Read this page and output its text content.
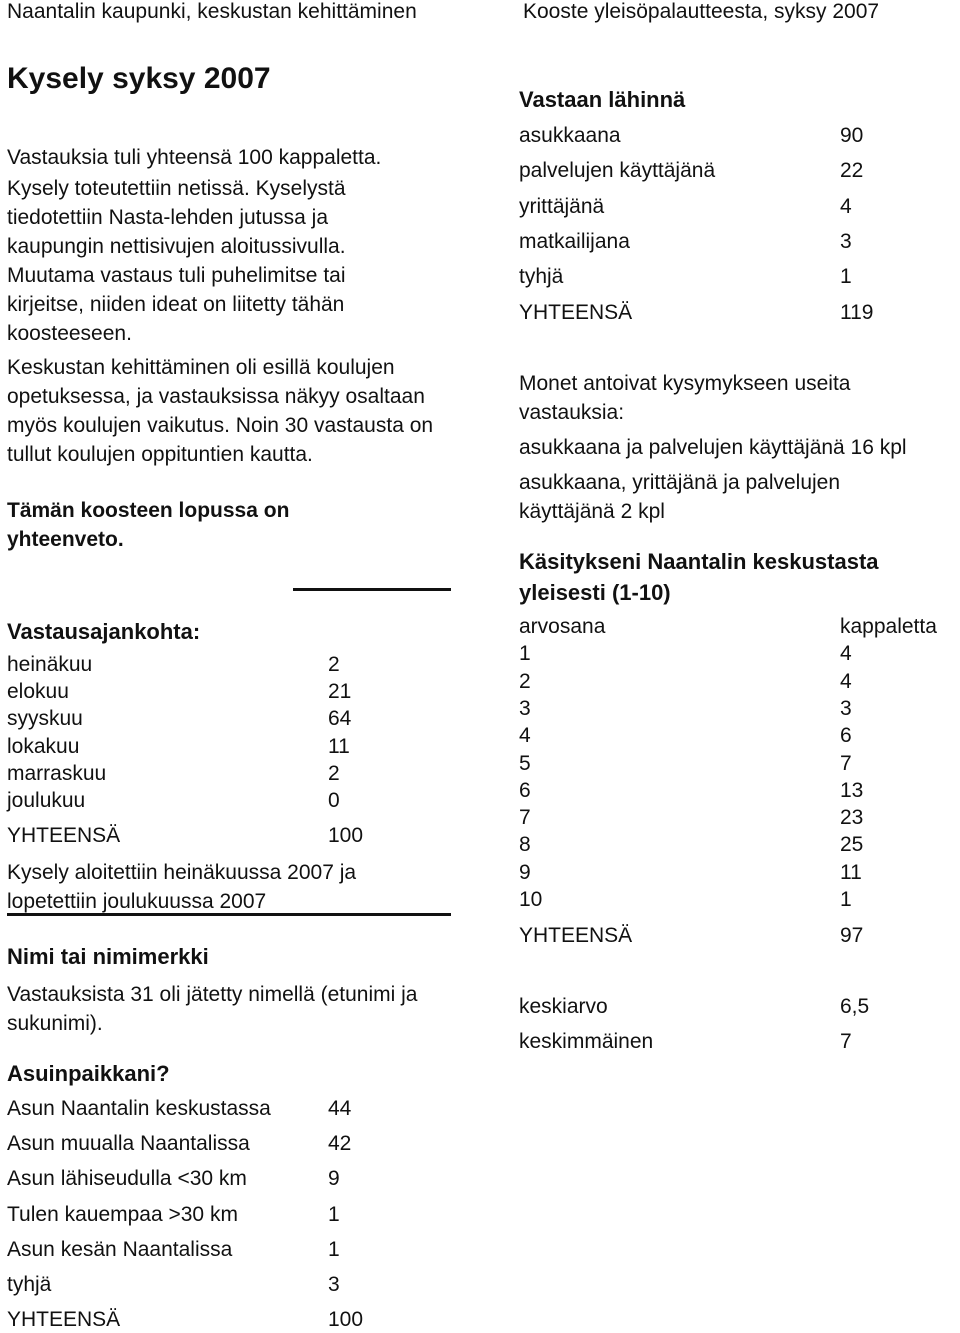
Naantalin kaupunki, keskustan kehittäminen	Kooste yleisöpalautteesta, syksy 2007
Kysely syksy 2007
Vastauksia tuli yhteensä 100 kappaletta.
Kysely toteutettiin netissä. Kyselystä tiedotettiin Nasta-lehden jutussa ja kaupungin nettisivujen aloitussivulla. Muutama vastaus tuli puhelimitse tai kirjeitse, niiden ideat on liitetty tähän koosteeseen.
Keskustan kehittäminen oli esillä koulujen opetuksessa, ja vastauksissa näkyy osaltaan myös koulujen vaikutus. Noin 30 vastausta on tullut koulujen oppituntien kautta.
Tämän koosteen lopussa on yhteenveto.
Vastausajankohta:
heinäkuu	2
elokuu	21
syyskuu	64
lokakuu	11
marraskuu	2
joulukuu	0
YHTEENSÄ	100
Kysely aloitettiin heinäkuussa 2007 ja lopetettiin joulukuussa 2007
Nimi tai nimimerkki
Vastauksista 31 oli jätetty nimellä (etunimi ja sukunimi).
Asuinpaikkani?
Asun Naantalin keskustassa	44
Asun muualla Naantalissa	42
Asun lähiseudulla <30 km	9
Tulen kauempaa >30 km	1
Asun kesän Naantalissa	1
tyhjä	3
YHTEENSÄ	100
Vastaan lähinnä
asukkaana	90
palvelujen käyttäjänä	22
yrittäjänä	4
matkailijana	3
tyhjä	1
YHTEENSÄ	119
Monet antoivat kysymykseen useita vastauksia:
asukkaana ja palvelujen käyttäjänä 16 kpl
asukkaana, yrittäjänä ja palvelujen käyttäjänä 2 kpl
Käsitykseni Naantalin keskustasta yleisesti (1-10)
arvosana	kappaletta
1	4
2	4
3	3
4	6
5	7
6	13
7	23
8	25
9	11
10	1
YHTEENSÄ	97
keskiarvo	6,5
keskimmäinen	7
